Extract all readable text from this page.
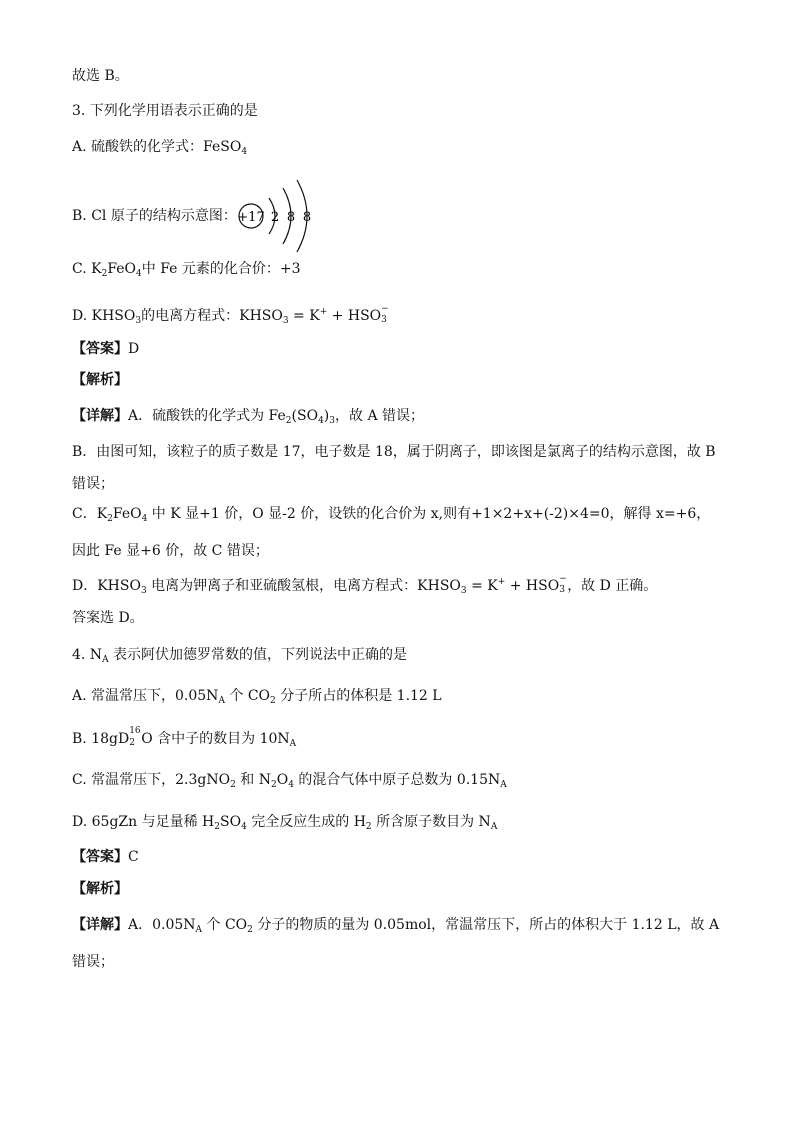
故选 B。
3. 下列化学用语表示正确的是
A. 硫酸铁的化学式：FeSO$_4$
B. Cl 原子的结构示意图： +17 2 8 8
C. $K_2FeO_4$中 Fe 元素的化合价：+3
D. $KHSO_3$的电离方程式：$KHSO_3 = K^+$ + HSO −
3

【答案】D
【解析】
【详解】A．硫酸铁的化学式为 $Fe_2(SO_4)_3$，故 A 错误；
B．由图可知，该粒子的质子数是 17，电子数是 18，属于阴离子，即该图是氯离子的结构示意图，故 B 错误；
C．$K_2FeO_4$ 中 K 显+1 价，O 显-2 价，设铁的化合价为 x,则有+1×2+x+(-2)×4=0，解得 x=+6，因此 Fe 显+6 价，故 C 错误；
D．$KHSO_3$ 电离为钾离子和亚硫酸氢根，电离方程式：$KHSO_3 = K^+$ + HSO −
3 ，故 D 正确。
答案选 D。
4. $N_A$ 表示阿伏加德罗常数的值，下列说法中正确的是
A. 常温常压下，$0.05N_A$ 个 $CO_2$ 分子所占的体积是 1.12 L
B. 18gD 16
2 O 含中子的数目为 $10N_A$
C. 常温常压下，2.3gNO$_2$ 和 $N_2O_4$ 的混合气体中原子总数为 $0.15N_A$
D. 65gZn 与足量稀 $H_2SO_4$ 完全反应生成的 $H_2$ 所含原子数目为 $N_A$
【答案】C
【解析】
【详解】A．$0.05N_A$ 个 $CO_2$ 分子的物质的量为 0.05mol，常温常压下，所占的体积大于 1.12 L，故 A 错误；
